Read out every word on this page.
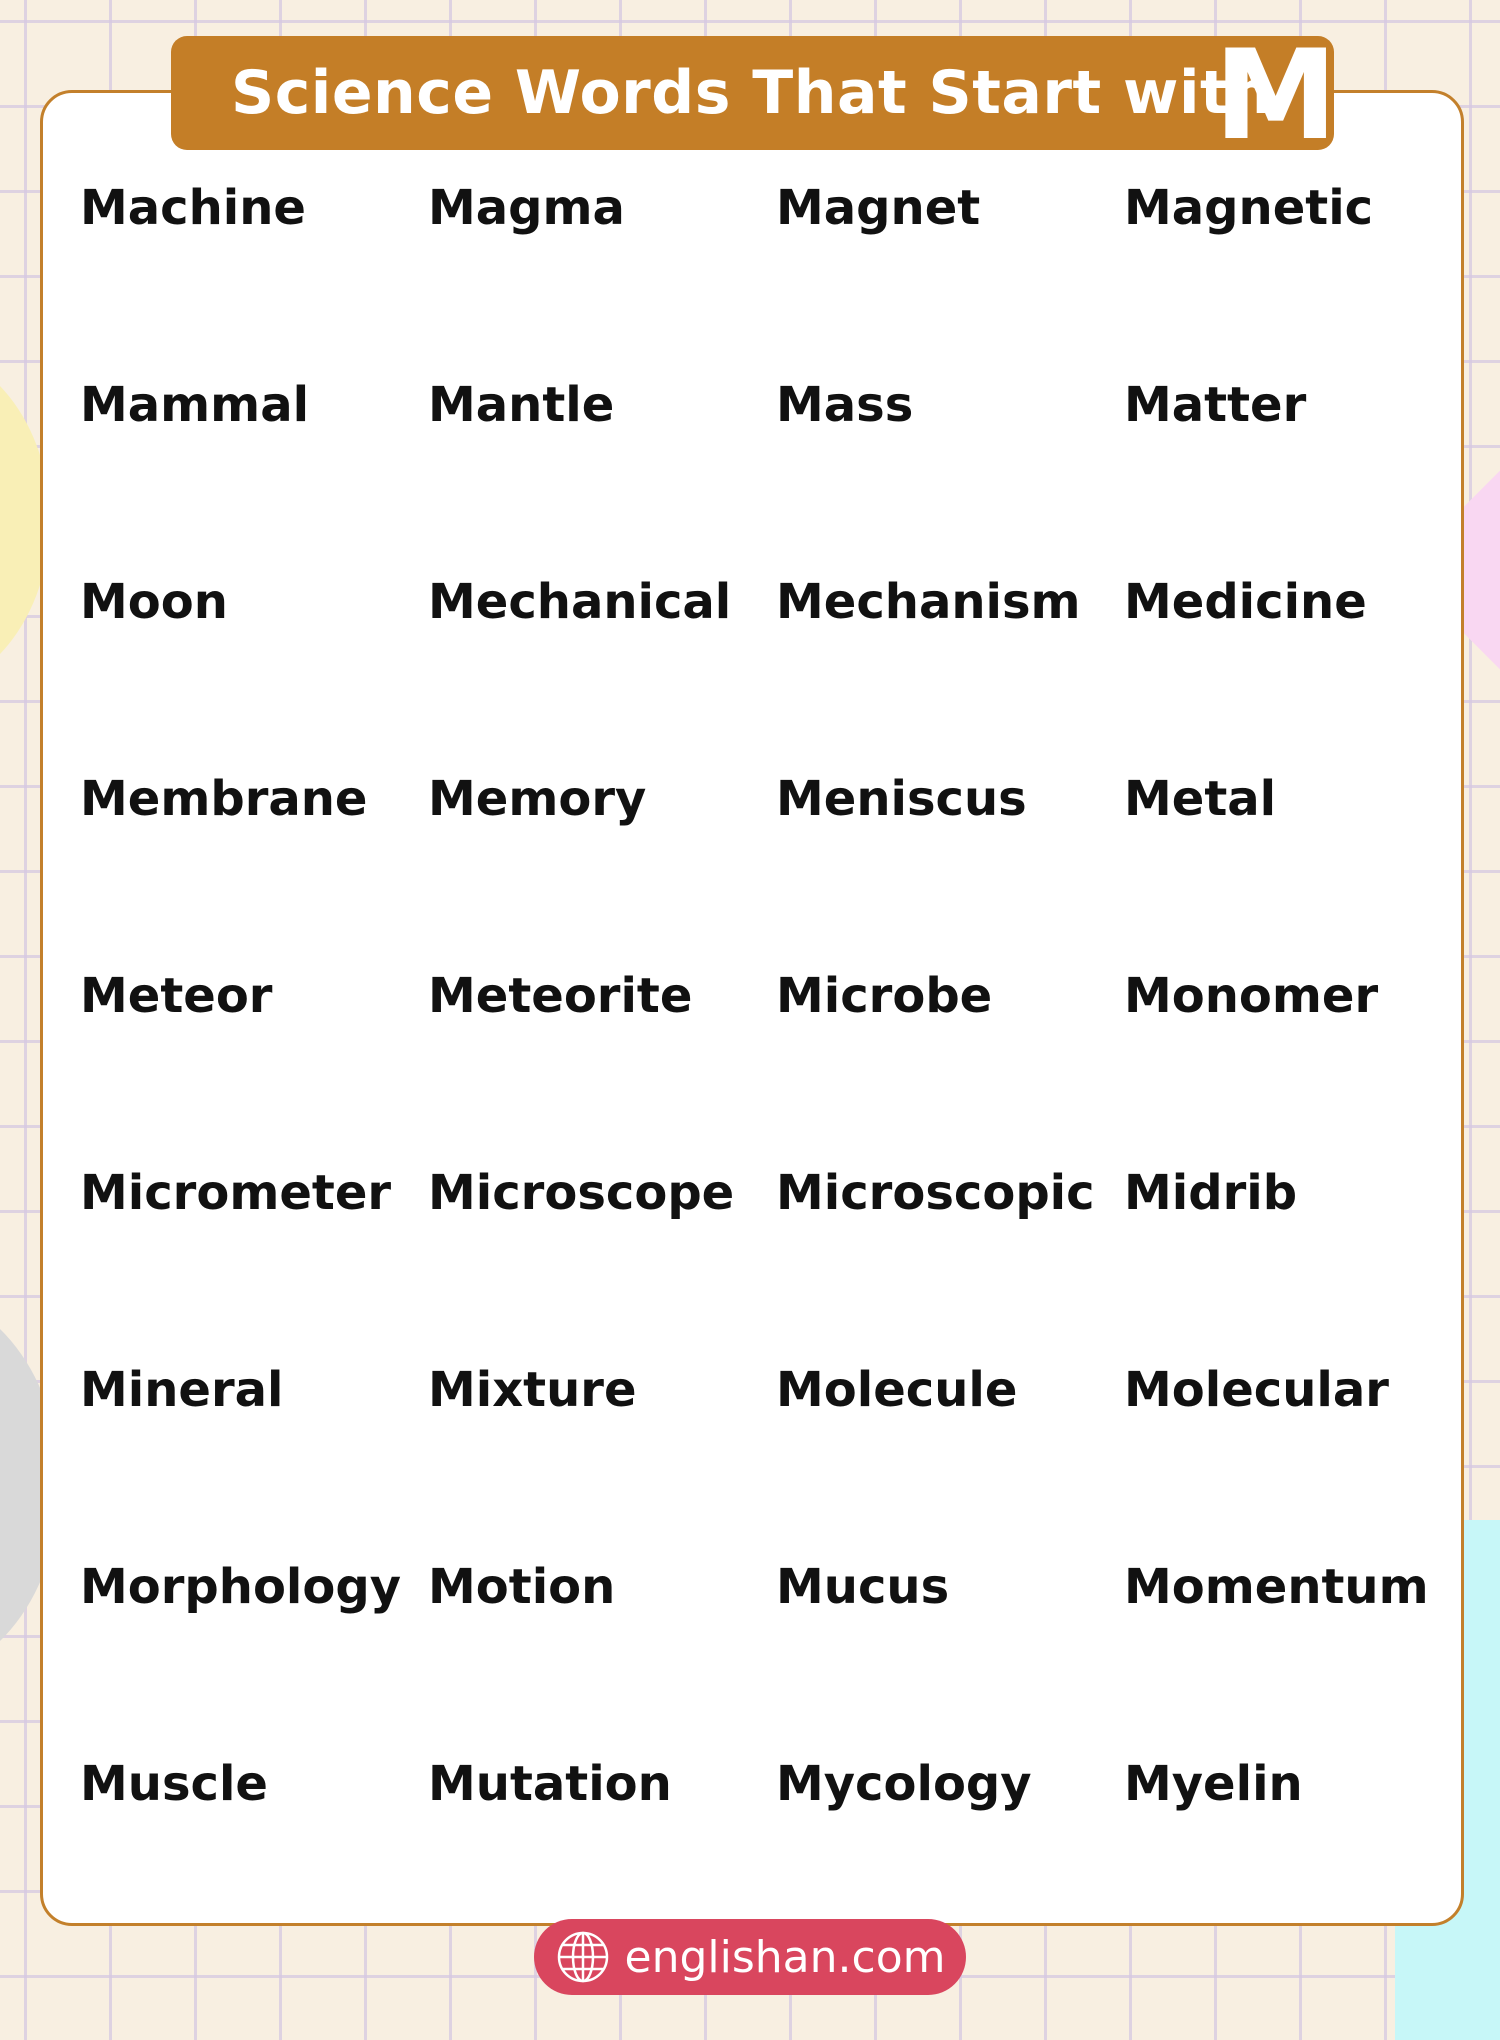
Science Words That Start with
M
Machine	Magma	Magnet	Magnetic
Mammal	Mantle	Mass	Matter
Moon	Mechanical Mechanism Medicine
Membrane	Memory	Meniscus	Metal
Meteor	Meteorite	Microbe	Monomer
Micrometer Microscope Microscopic Midrib
Mineral	Mixture	Molecule	Molecular
Morphology Motion	Mucus	Momentum
Muscle	Mutation	Mycology	Myelin
englishan.com
